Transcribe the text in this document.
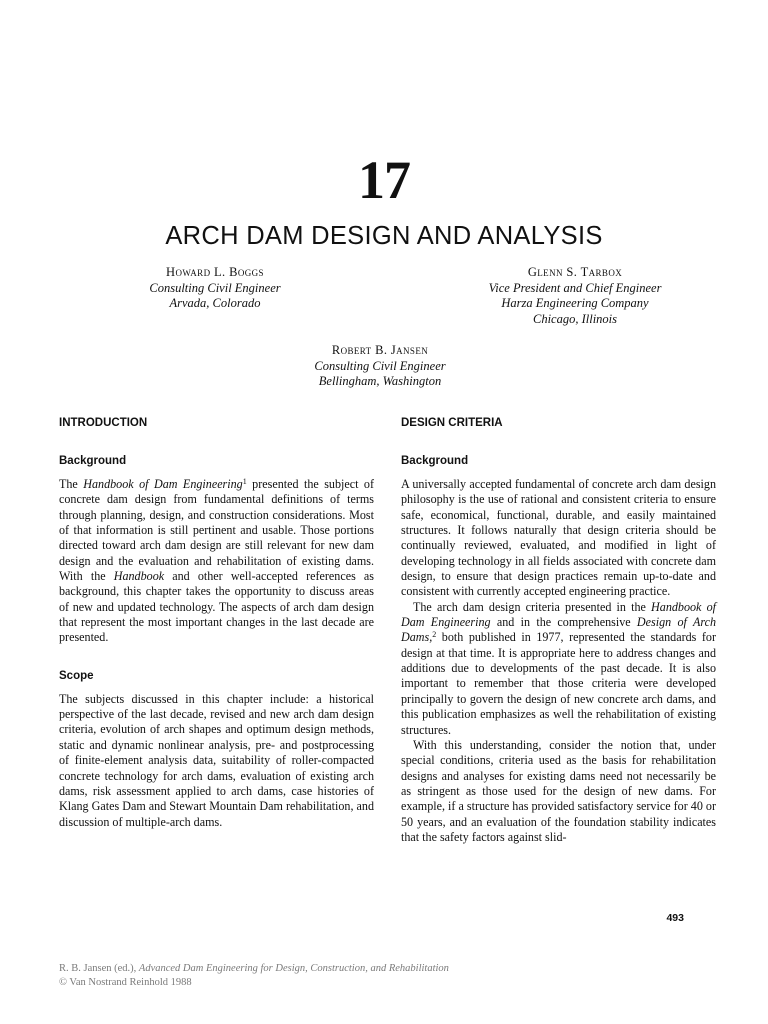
17
ARCH DAM DESIGN AND ANALYSIS
Howard L. Boggs
Consulting Civil Engineer
Arvada, Colorado
Glenn S. Tarbox
Vice President and Chief Engineer
Harza Engineering Company
Chicago, Illinois
Robert B. Jansen
Consulting Civil Engineer
Bellingham, Washington
INTRODUCTION
Background

The Handbook of Dam Engineering$^1$ presented the subject of concrete dam design from fundamental definitions of terms through planning, design, and construction considerations. Most of that information is still pertinent and usable. Those portions directed toward arch dam design are still relevant for new dam design and the evaluation and rehabilitation of existing dams. With the Handbook and other well-accepted references as background, this chapter takes the opportunity to discuss areas of new and updated technology. The aspects of arch dam design that represent the most important changes in the last decade are presented.

Scope

The subjects discussed in this chapter include: a historical perspective of the last decade, revised and new arch dam design criteria, evolution of arch shapes and optimum design methods, static and dynamic nonlinear analysis, pre- and postprocessing of finite-element analysis data, suitability of roller-compacted concrete technology for arch dams, evaluation of existing arch dams, risk assessment applied to arch dams, case histories of Klang Gates Dam and Stewart Mountain Dam rehabilitation, and discussion of multiple-arch dams.

DESIGN CRITERIA
Background

A universally accepted fundamental of concrete arch dam design philosophy is the use of rational and consistent criteria to ensure safe, economical, functional, durable, and easily maintained structures. It follows naturally that design criteria should be continually reviewed, evaluated, and modified in light of developing technology in all fields associated with concrete dam design, to ensure that design practices remain up-to-date and consistent with currently accepted engineering practice.

The arch dam design criteria presented in the Handbook of Dam Engineering and in the comprehensive Design of Arch Dams,$^2$ both published in 1977, represented the standards for design at that time. It is appropriate here to address changes and additions due to developments of the past decade. It is also important to remember that those criteria were developed principally to govern the design of new concrete arch dams, and this publication emphasizes as well the rehabilitation of existing structures.

With this understanding, consider the notion that, under special conditions, criteria used as the basis for rehabilitation designs and analyses for existing dams need not necessarily be as stringent as those used for the design of new dams. For example, if a structure has provided satisfactory service for 40 or 50 years, and an evaluation of the foundation stability indicates that the safety factors against slid-

493
R. B. Jansen (ed.), Advanced Dam Engineering for Design, Construction, and Rehabilitation
© Van Nostrand Reinhold 1988
